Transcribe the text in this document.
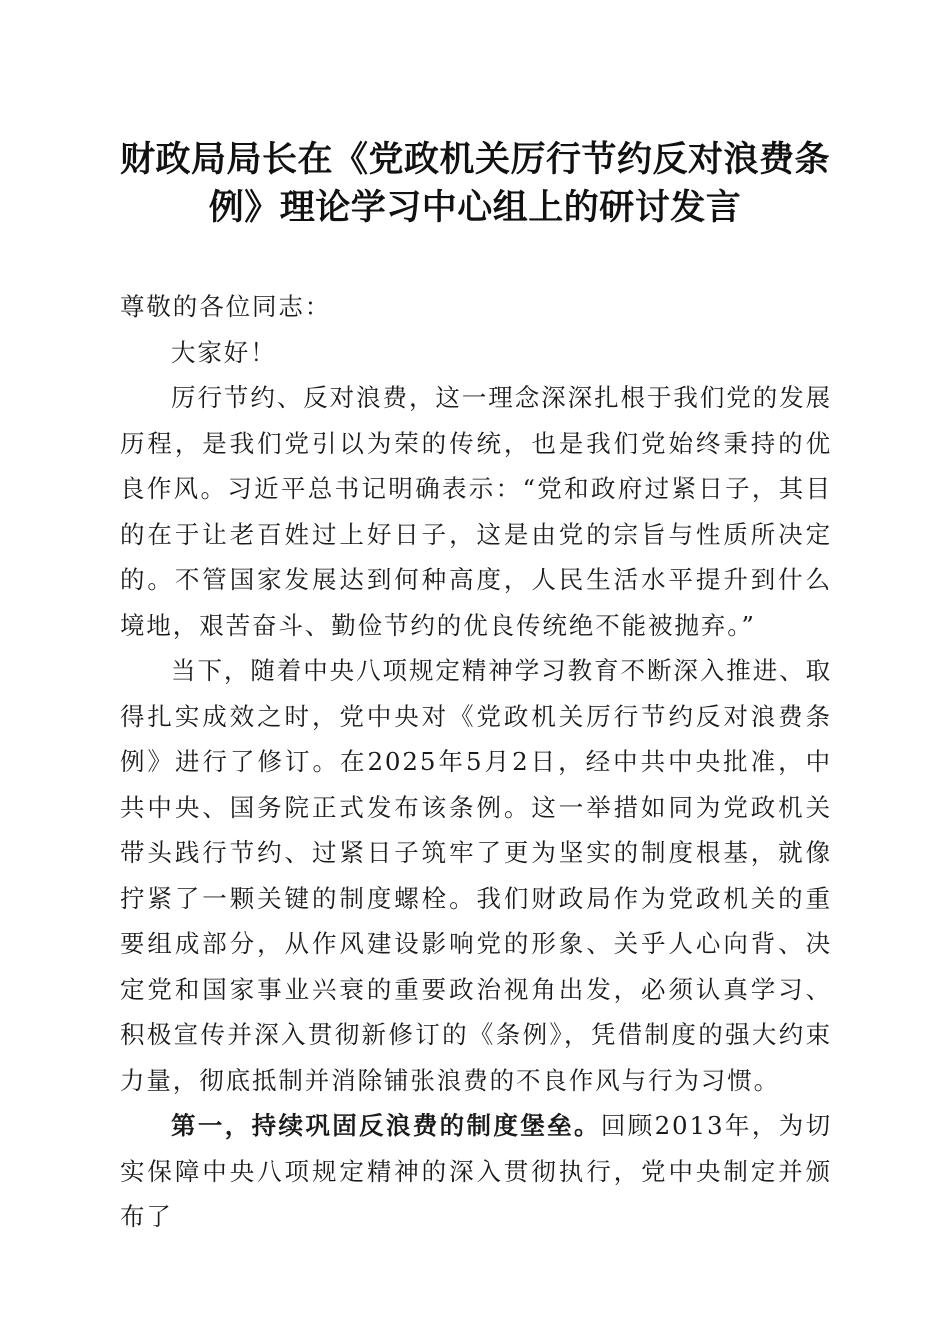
财政局局长在《党政机关厉行节约反对浪费条例》理论学习中心组上的研讨发言

尊敬的各位同志：

大家好！

厉行节约、反对浪费，这一理念深深扎根于我们党的发展历程，是我们党引以为荣的传统，也是我们党始终秉持的优良作风。习近平总书记明确表示：“党和政府过紧日子，其目的在于让老百姓过上好日子，这是由党的宗旨与性质所决定的。不管国家发展达到何种高度，人民生活水平提升到什么境地，艰苦奋斗、勤俭节约的优良传统绝不能被抛弃。”

当下，随着中央八项规定精神学习教育不断深入推进、取得扎实成效之时，党中央对《党政机关厉行节约反对浪费条例》进行了修订。在2025年5月2日，经中共中央批准，中共中央、国务院正式发布该条例。这一举措如同为党政机关带头践行节约、过紧日子筑牢了更为坚实的制度根基，就像拧紧了一颗关键的制度螺栓。我们财政局作为党政机关的重要组成部分，从作风建设影响党的形象、关乎人心向背、决定党和国家事业兴衰的重要政治视角出发，必须认真学习、积极宣传并深入贯彻新修订的《条例》，凭借制度的强大约束力量，彻底抵制并消除铺张浪费的不良作风与行为习惯。

第一，持续巩固反浪费的制度堡垒。回顾2013年，为切实保障中央八项规定精神的深入贯彻执行，党中央制定并颁布了
